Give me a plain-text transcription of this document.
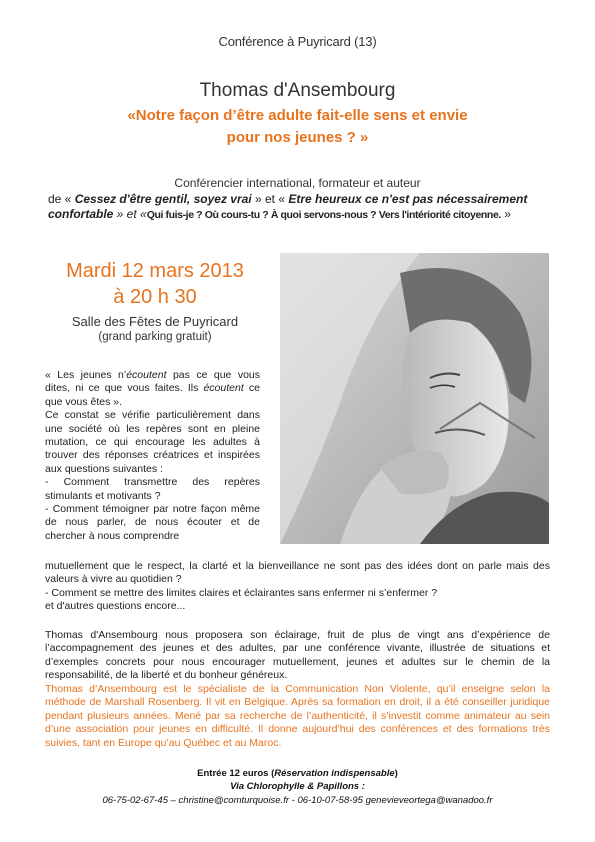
Conférence à Puyricard (13)
Thomas d'Ansembourg
«Notre façon d’être adulte fait-elle sens et envie
pour nos jeunes ? »
Conférencier international, formateur et auteur
de « Cessez d'être gentil, soyez vrai » et « Etre heureux ce n'est pas nécessairement confortable » et «Qui fuis-je ? Où cours-tu ? À quoi servons-nous ? Vers l'intériorité citoyenne. »
Mardi 12 mars 2013
à 20 h 30
Salle des Fêtes de Puyricard
(grand parking gratuit)
« Les jeunes n’écoutent pas ce que vous dites, ni ce que vous faites. Ils écoutent ce que vous êtes ».
Ce constat se vérifie particulièrement dans une société où les repères sont en pleine mutation, ce qui encourage les adultes à trouver des réponses créatrices et inspirées aux questions suivantes :
- Comment transmettre des repères stimulants et motivants ?
- Comment témoigner par notre façon même de nous parler, de nous écouter et de chercher à nous comprendre
mutuellement que le respect, la clarté et la bienveillance ne sont pas des idées dont on parle mais des valeurs à vivre au quotidien ?
- Comment se mettre des limites claires et éclairantes sans enfermer ni s’enfermer ?
et d'autres questions encore...
Thomas d'Ansembourg nous proposera son éclairage, fruit de plus de vingt ans d’expérience de l’accompagnement des jeunes et des adultes, par une conférence vivante, illustrée de situations et d’exemples concrets pour nous encourager mutuellement, jeunes et adultes sur le chemin de la responsabilité, de la liberté et du bonheur généreux.
Thomas d’Ansembourg est le spécialiste de la Communication Non Violente, qu’il enseigne selon la méthode de Marshall Rosenberg. Il vit en Belgique. Après sa formation en droit, il a été conseiller juridique pendant plusieurs années. Mené par sa recherche de l’authenticité, il s’investit comme animateur au sein d’une association pour jeunes en difficulté. Il donne aujourd’hui des conférences et des formations très suivies, tant en Europe qu’au Québec et au Maroc.
Entrée 12 euros (Réservation indispensable)
Via Chlorophylle & Papillons :
06-75-02-67-45 – christine@comturquoise.fr - 06-10-07-58-95 genevieveortega@wanadoo.fr
